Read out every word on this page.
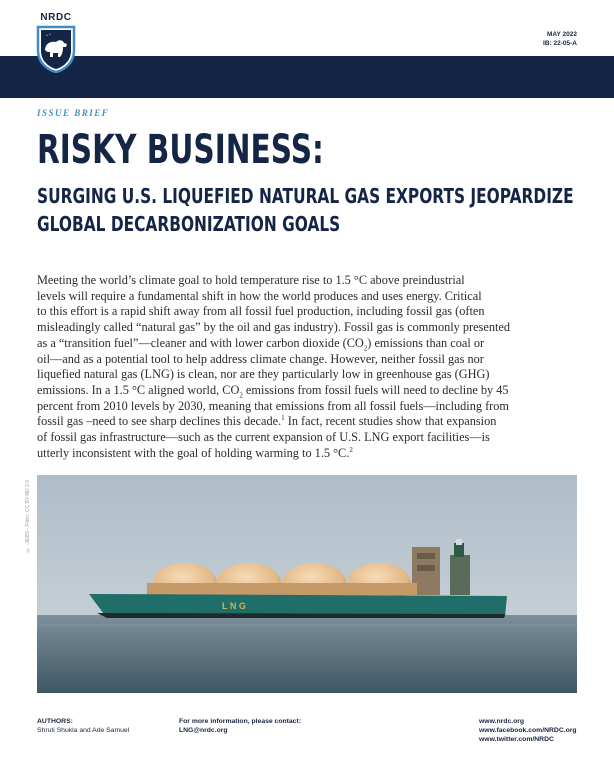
NRDC
MAY 2022
IB: 22-05-A
ISSUE BRIEF
RISKY BUSINESS:
SURGING U.S. LIQUEFIED NATURAL GAS EXPORTS JEOPARDIZE
GLOBAL DECARBONIZATION GOALS

Meeting the world’s climate goal to hold temperature rise to 1.5 °C above preindustrial
levels will require a fundamental shift in how the world produces and uses energy. Critical
to this effort is a rapid shift away from all fossil fuel production, including fossil gas (often
misleadingly called “natural gas” by the oil and gas industry). Fossil gas is commonly presented
as a “transition fuel”—cleaner and with lower carbon dioxide $(CO_2)$ emissions than coal or
oil—and as a potential tool to help address climate change. However, neither fossil gas nor
liquefied natural gas (LNG) is clean, nor are they particularly low in greenhouse gas (GHG)
emissions. In a 1.5 °C aligned world, $CO_2$ emissions from fossil fuels will need to decline by 45
percent from 2010 levels by 2030, meaning that emissions from all fossil fuels—including from
fossil gas –need to see sharp declines this decade.$^1$ In fact, recent studies show that expansion
of fossil gas infrastructure—such as the current expansion of U.S. LNG export facilities—is
utterly inconsistent with the goal of holding warming to 1.5 °C.$^2$

© -JEBS-, Flickr, CC BY-ND 2.0
L N G
AUTHORS:
Shruti Shukla and Ade Samuel
For more information, please contact:
LNG@nrdc.org
www.nrdc.org
www.facebook.com/NRDC.org
www.twitter.com/NRDC
